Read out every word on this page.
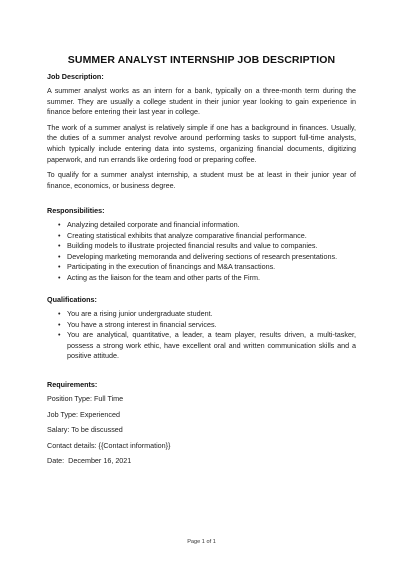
SUMMER ANALYST INTERNSHIP JOB DESCRIPTION

Job Description:

A summer analyst works as an intern for a bank, typically on a three-month term during the summer. They are usually a college student in their junior year looking to gain experience in finance before entering their last year in college.

The work of a summer analyst is relatively simple if one has a background in finances. Usually, the duties of a summer analyst revolve around performing tasks to support full-time analysts, which typically include entering data into systems, organizing financial documents, digitizing paperwork, and run errands like ordering food or preparing coffee.

To qualify for a summer analyst internship, a student must be at least in their junior year of finance, economics, or business degree.

Responsibilities:

• Analyzing detailed corporate and financial information.
• Creating statistical exhibits that analyze comparative financial performance.
• Building models to illustrate projected financial results and value to companies.
• Developing marketing memoranda and delivering sections of research presentations.
• Participating in the execution of financings and M&A transactions.
• Acting as the liaison for the team and other parts of the Firm.

Qualifications:

• You are a rising junior undergraduate student.
• You have a strong interest in financial services.
• You are analytical, quantitative, a leader, a team player, results driven, a multi-tasker, possess a strong work ethic, have excellent oral and written communication skills and a positive attitude.

Requirements:

Position Type: Full Time

Job Type: Experienced

Salary: To be discussed

Contact details: {{Contact information}}

Date:  December 16, 2021

Page 1 of 1
